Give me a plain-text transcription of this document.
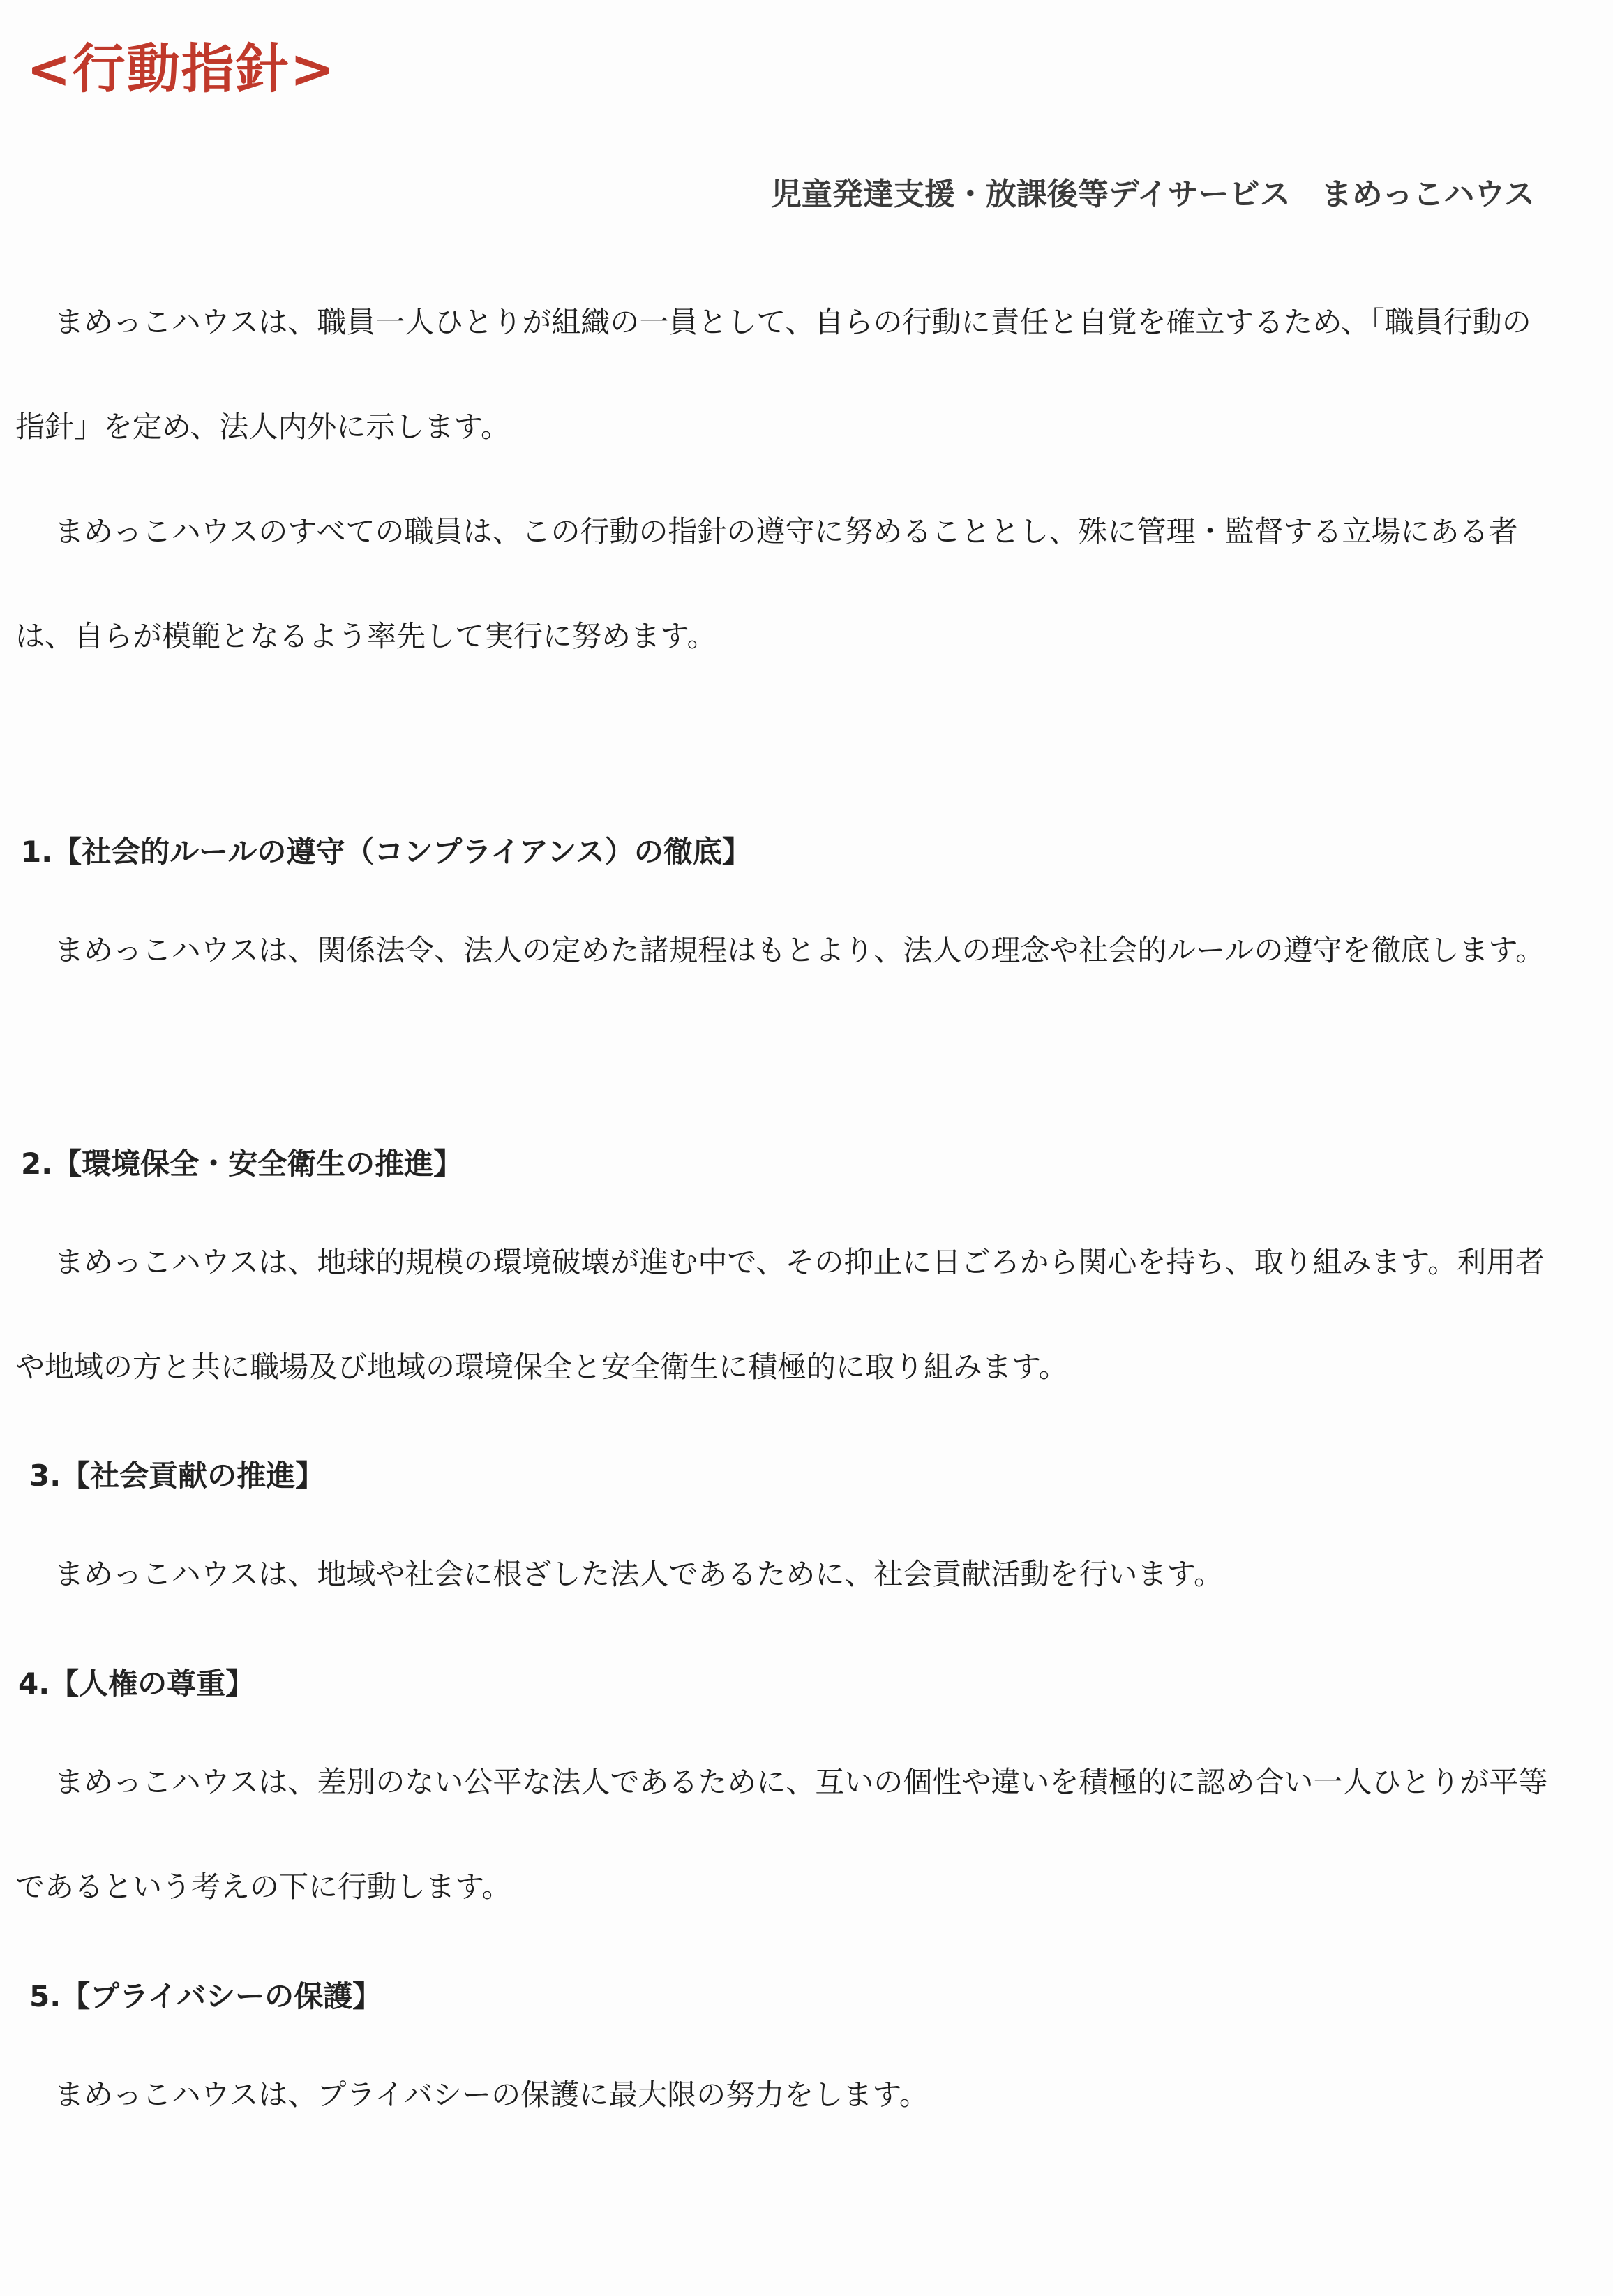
<行動指針>
児童発達支援・放課後等デイサービス　まめっこハウス

まめっこハウスは、職員一人ひとりが組織の一員として、自らの行動に責任と自覚を確立するため、「職員行動の指針」を定め、法人内外に示します。

まめっこハウスのすべての職員は、この行動の指針の遵守に努めることとし、殊に管理・監督する立場にある者は、自らが模範となるよう率先して実行に努めます。

1.【社会的ルールの遵守（コンプライアンス）の徹底】

まめっこハウスは、関係法令、法人の定めた諸規程はもとより、法人の理念や社会的ルールの遵守を徹底します。

2.【環境保全・安全衛生の推進】

まめっこハウスは、地球的規模の環境破壊が進む中で、その抑止に日ごろから関心を持ち、取り組みます。利用者や地域の方と共に職場及び地域の環境保全と安全衛生に積極的に取り組みます。

3.【社会貢献の推進】

まめっこハウスは、地域や社会に根ざした法人であるために、社会貢献活動を行います。

4.【人権の尊重】

まめっこハウスは、差別のない公平な法人であるために、互いの個性や違いを積極的に認め合い一人ひとりが平等であるという考えの下に行動します。

5.【プライバシーの保護】

まめっこハウスは、プライバシーの保護に最大限の努力をします。
